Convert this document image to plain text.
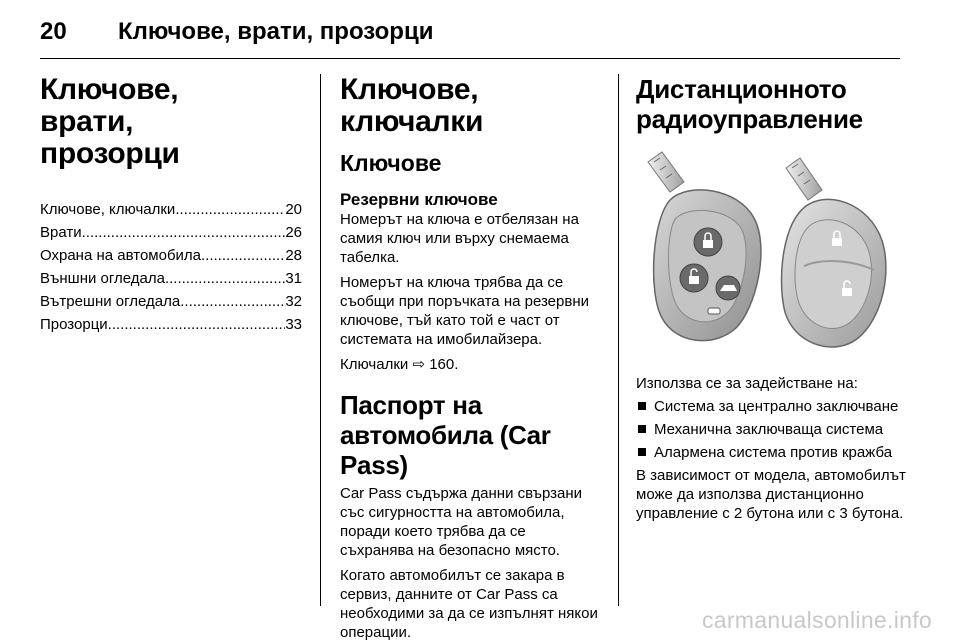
20 Ключове, врати, прозорци
Ключове, врати, прозорци
Ключове, ключалки .....	20
Врати .....	26
Охрана на автомобила .....	28
Външни огледала .....	31
Вътрешни огледала .....	32
Прозорци .....	33
Ключове, ключалки
Ключове
Резервни ключове

Номерът на ключа е отбелязан на самия ключ или върху снемаема табелка.

Номерът на ключа трябва да се съобщи при поръчката на резервни ключове, тъй като той е част от системата на имобилайзера.

Ключалки ⇨ 160.

Паспорт на автомобила (Car Pass)

Car Pass съдържа данни свързани със сигурността на автомобила, поради което трябва да се съхранява на безопасно място.

Когато автомобилът се закара в сервиз, данните от Car Pass са необходими за да се изпълнят някои операции.

Дистанционното радиоуправление

Използва се за задействане на:

Система за централно заключване
Механична заключваща система
Алармена система против кражба

В зависимост от модела, автомобилът може да използва дистанционно управление с 2 бутона или с 3 бутона.

carmanualsonline.info
